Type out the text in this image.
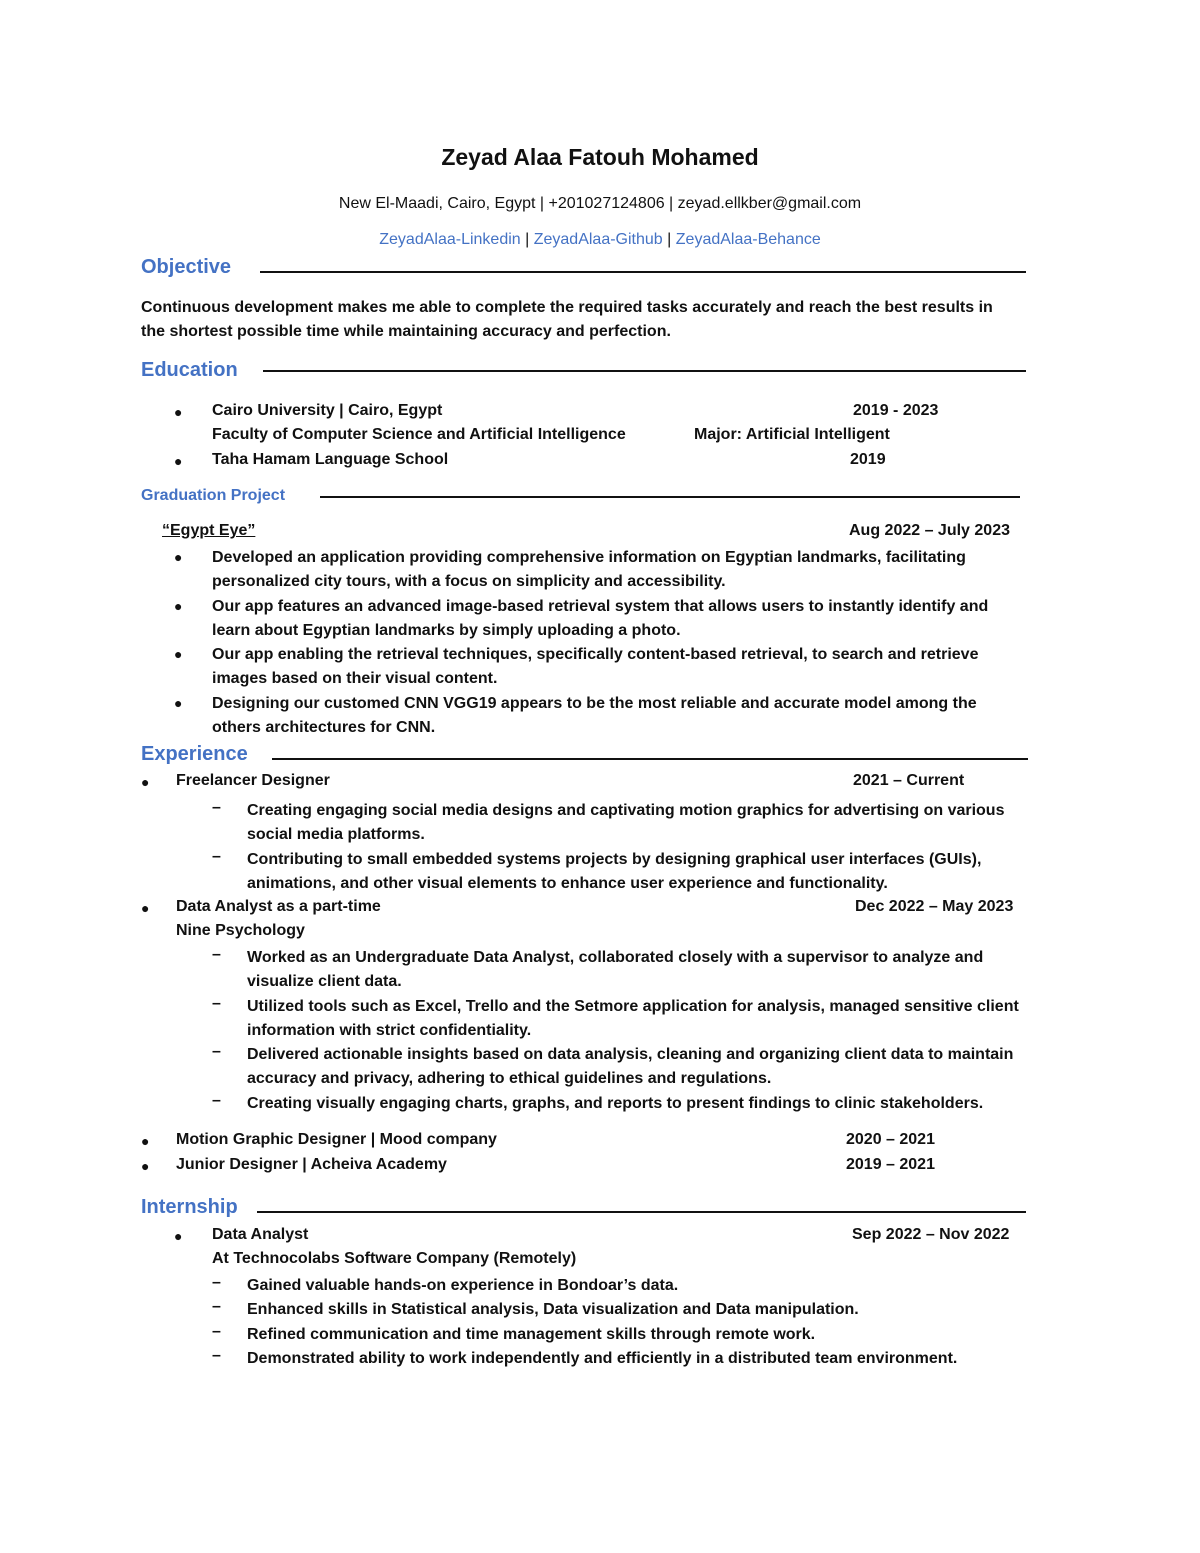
Zeyad Alaa Fatouh Mohamed
New El-Maadi, Cairo, Egypt | +201027124806 | zeyad.ellkber@gmail.com
ZeyadAlaa-Linkedin | ZeyadAlaa-Github | ZeyadAlaa-Behance
Objective
Continuous development makes me able to complete the required tasks accurately and reach the best results in
the shortest possible time while maintaining accuracy and perfection.
Education
● Cairo University | Cairo, Egypt	2019 - 2023
Faculty of Computer Science and Artificial Intelligence	Major: Artificial Intelligent
● Taha Hamam Language School	2019
Graduation Project
“Egypt Eye”	Aug 2022 – July 2023
● Developed an application providing comprehensive information on Egyptian landmarks, facilitating
personalized city tours, with a focus on simplicity and accessibility.
● Our app features an advanced image-based retrieval system that allows users to instantly identify and
learn about Egyptian landmarks by simply uploading a photo.
● Our app enabling the retrieval techniques, specifically content-based retrieval, to search and retrieve
images based on their visual content.
● Designing our customed CNN VGG19 appears to be the most reliable and accurate model among the
others architectures for CNN.
Experience
● Freelancer Designer	2021 – Current
– Creating engaging social media designs and captivating motion graphics for advertising on various
social media platforms.
– Contributing to small embedded systems projects by designing graphical user interfaces (GUIs),
animations, and other visual elements to enhance user experience and functionality.
● Data Analyst as a part-time	Dec 2022 – May 2023
Nine Psychology
– Worked as an Undergraduate Data Analyst, collaborated closely with a supervisor to analyze and
visualize client data.
– Utilized tools such as Excel, Trello and the Setmore application for analysis, managed sensitive client
information with strict confidentiality.
– Delivered actionable insights based on data analysis, cleaning and organizing client data to maintain
accuracy and privacy, adhering to ethical guidelines and regulations.
– Creating visually engaging charts, graphs, and reports to present findings to clinic stakeholders.
● Motion Graphic Designer | Mood company	2020 – 2021
● Junior Designer | Acheiva Academy	2019 – 2021
Internship
● Data Analyst	Sep 2022 – Nov 2022
At Technocolabs Software Company (Remotely)
– Gained valuable hands-on experience in Bondoar’s data.
– Enhanced skills in Statistical analysis, Data visualization and Data manipulation.
– Refined communication and time management skills through remote work.
– Demonstrated ability to work independently and efficiently in a distributed team environment.
